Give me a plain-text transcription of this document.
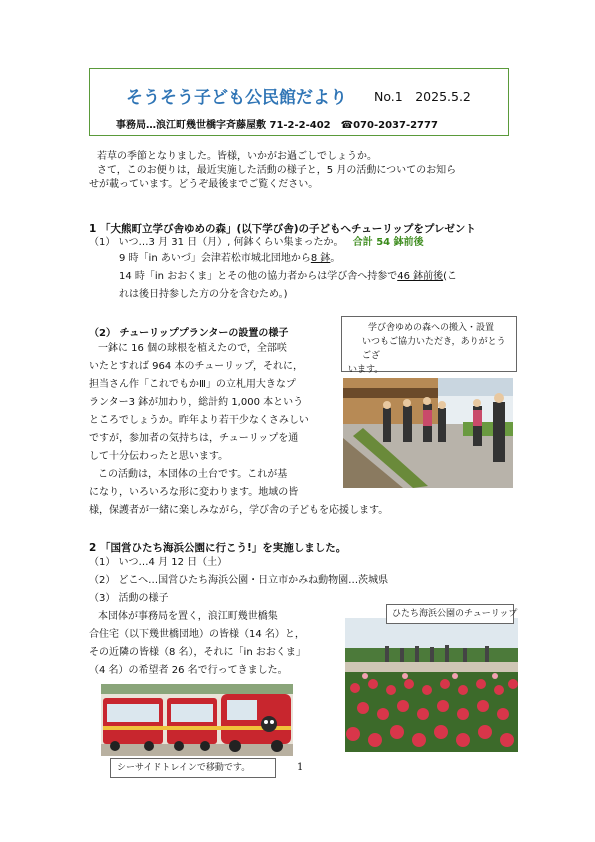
そうそう子ども公民館だより No.1　2025.5.2
事務局…浪江町幾世橋字斉藤屋敷 71-2-2-402　☎070-2037-2777
若草の季節となりました。皆様，いかがお過ごしでしょうか。
さて，このお便りは，最近実施した活動の様子と，5 月の活動についてのお知ら
せが載っています。どうぞ最後までご覧ください。
1 「大熊町立学び舎ゆめの森」(以下学び舎)の子どもへチューリップをプレゼント
（1） いつ…3 月 31 日（月）, 何鉢くらい集まったか。 合計 54 鉢前後
9 時「in あいづ」会津若松市城北団地から8 鉢。
14 時「in おおくま」とその他の協力者からは学び舎へ持参で46 鉢前後(こ
れは後日持参した方の分を含むため。)
（2） チューリッププランターの設置の様子
一鉢に 16 個の球根を植えたので，全部咲
いたとすれば 964 本のチューリップ，それに，
担当さん作「これでもかⅢ」の立札用大きなプ
ランター3 鉢が加わり，総計約 1,000 本という
ところでしょうか。昨年より若干少なくさみしい
ですが，参加者の気持ちは，チューリップを通
して十分伝わったと思います。
この活動は，本団体の土台です。これが基
になり，いろいろな形に変わります。地域の皆
様，保護者が一緒に楽しみながら，学び舎の子どもを応援します。
学び舎ゆめの森への搬入・設置
いつもご協力いただき，ありがとうござ
います。
2 「国営ひたち海浜公園に行こう!」を実施しました。
（1） いつ…4 月 12 日（土）
（2） どこへ…国営ひたち海浜公園・日立市かみね動物園…茨城県
（3） 活動の様子
本団体が事務局を置く，浪江町幾世橋集
合住宅（以下幾世橋団地）の皆様（14 名）と，
その近隣の皆様（8 名），それに「in おおくま」
（4 名）の希望者 26 名で行ってきました。
ひたち海浜公園のチューリップ
シーサイドトレインで移動です。	1
